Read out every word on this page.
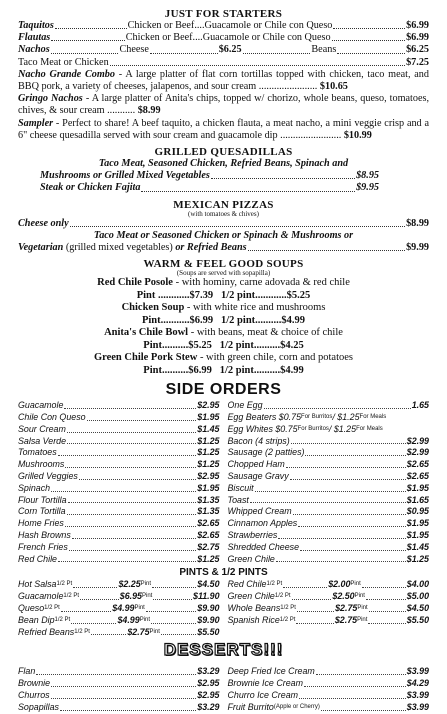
JUST FOR STARTERS
Taquitos	Chicken or Beef....Guacamole or Chile con Queso	$6.99
Flautas	Chicken or Beef....Guacamole or Chile con Queso	$6.99
Nachos	Cheese	$6.25	Beans	$6.25
Taco Meat or Chicken	$7.25
Nacho Grande Combo - A large platter of flat corn tortillas topped with chicken, taco meat, and BBQ pork, a variety of cheeses, jalapenos, and sour cream ....................... $10.65
Gringo Nachos - A large platter of Anita's chips, topped w/ chorizo, whole beans, queso, tomatoes, chives, & sour cream ........... $8.99
Sampler - Perfect to share! A beef taquito, a chicken flauta, a meat nacho, a mini veggie crisp and a 6" cheese quesadilla served with sour cream and guacamole dip ........................ $10.99
GRILLED QUESADILLAS
Taco Meat, Seasoned Chicken, Refried Beans, Spinach and
Mushrooms or Grilled Mixed Vegetables	$8.95
Steak or Chicken Fajita	$9.95
MEXICAN PIZZAS
(with tomatoes & chives)
Cheese only	$8.99
Taco Meat or Seasoned Chicken or Spinach & Mushrooms or
Vegetarian (grilled mixed vegetables) or Refried Beans	$9.99
WARM & FEEL GOOD SOUPS
(Soups are served with sopapilla)
Red Chile Posole - with hominy, carne adovada & red chile
Pint ............$7.39 1/2 pint............$5.25
Chicken Soup - with white rice and mushrooms
Pint...........$6.99 1/2 pint..........$4.99
Anita's Chile Bowl - with beans, meat & choice of chile
Pint..........$5.25 1/2 pint..........$4.25
Green Chile Pork Stew - with green chile, corn and potatoes
Pint..........$6.99 1/2 pint..........$4.99
SIDE ORDERS
Guacamole	$2.95
Chile Con Queso	$1.95
Sour Cream	$1.45
Salsa Verde	$1.25
Tomatoes	$1.25
Mushrooms	$1.25
Grilled Veggies	$2.95
Spinach	$1.95
Flour Tortilla	$1.35
Corn Tortilla	$1.35
Home Fries	$2.65
Hash Browns	$2.65
French Fries	$2.75
Red Chile	$1.25
One Egg	1.65
Egg Beaters $0.75 For Burritos / $1.25 For Meals
Egg Whites $0.75 For Burritos / $1.25 For Meals
Bacon (4 strips)	$2.99
Sausage (2 patties)	$2.99
Chopped Ham	$2.65
Sausage Gravy	$2.65
Biscuit	$1.95
Toast	$1.65
Whipped Cream	$0.95
Cinnamon Apples	$1.95
Strawberries	$1.95
Shredded Cheese	$1.45
Green Chile	$1.25
PINTS & 1/2 PINTS
Hot Salsa 1/2 Pt	$2.25 Pint	$4.50
Guacamole 1/2 Pt	$6.95 Pint	$11.90
Queso 1/2 Pt	$4.99 Pint	$9.90
Bean Dip 1/2 Pt	$4.99 Pint	$9.90
Refried Beans 1/2 Pt	$2.75 Pint	$5.50
Red Chile 1/2 Pt	$2.00 Pint	$4.00
Green Chile 1/2 Pt	$2.50 Pint	$5.00
Whole Beans 1/2 Pt	$2.75 Pint	$4.50
Spanish Rice 1/2 Pt	$2.75 Pint	$5.50
DESSERTS!!!
Flan	$3.29
Brownie	$2.95
Churros	$2.95
Sopapillas	$3.29
Deep Fried Ice Cream	$3.99
Brownie Ice Cream	$4.29
Churro Ice Cream	$3.99
Fruit Burrito (Apple or Cherry)	$3.99
